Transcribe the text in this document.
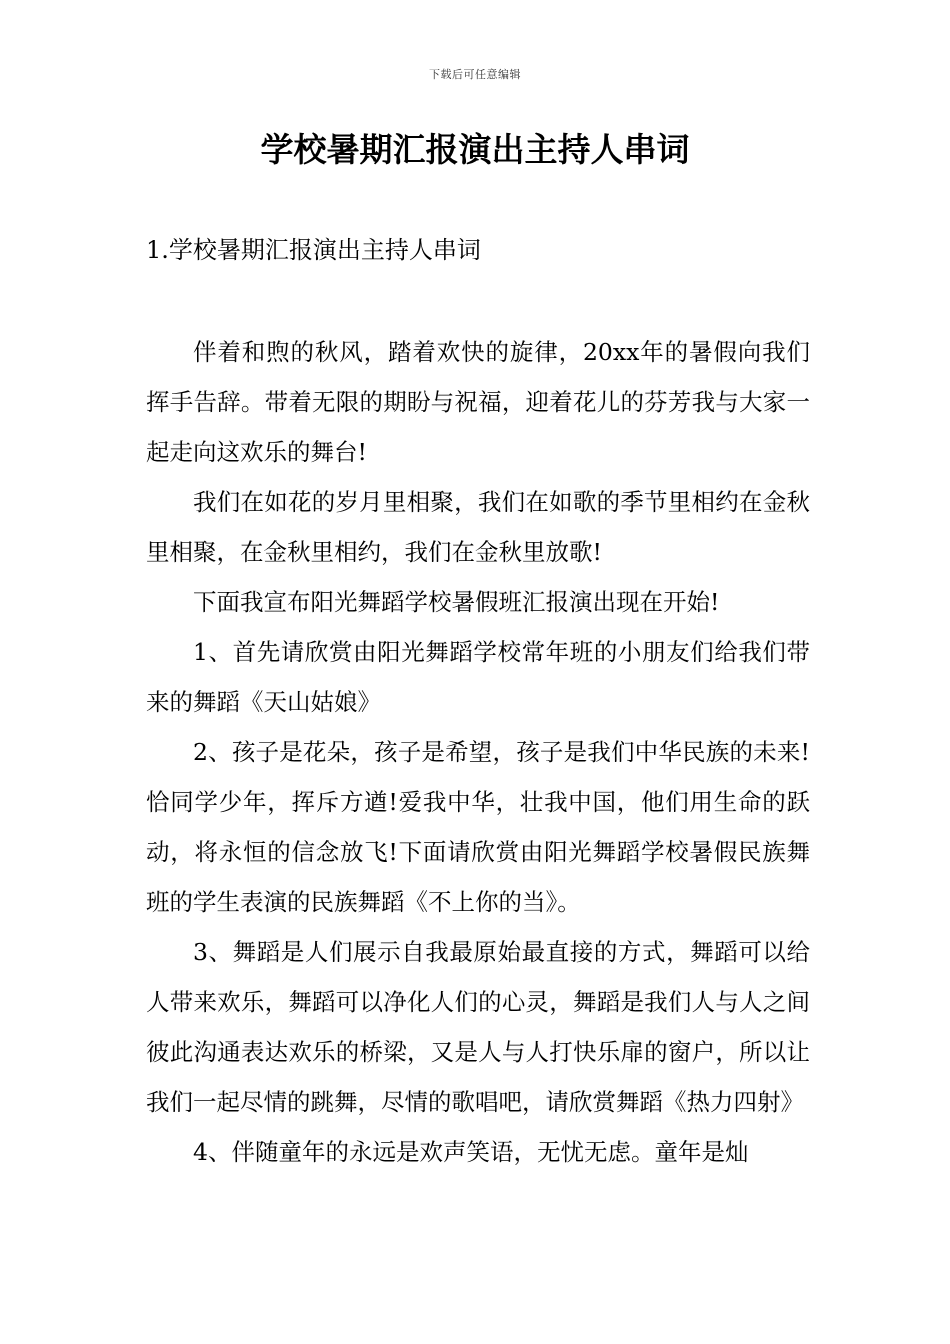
下载后可任意编辑
学校暑期汇报演出主持人串词
1.学校暑期汇报演出主持人串词

伴着和煦的秋风，踏着欢快的旋律，20xx年的暑假向我们挥手告辞。带着无限的期盼与祝福，迎着花儿的芬芳我与大家一起走向这欢乐的舞台!

我们在如花的岁月里相聚，我们在如歌的季节里相约在金秋里相聚，在金秋里相约，我们在金秋里放歌!

下面我宣布阳光舞蹈学校暑假班汇报演出现在开始!

1、首先请欣赏由阳光舞蹈学校常年班的小朋友们给我们带来的舞蹈《天山姑娘》

2、孩子是花朵，孩子是希望，孩子是我们中华民族的未来!恰同学少年，挥斥方遒!爱我中华，壮我中国，他们用生命的跃动，将永恒的信念放飞!下面请欣赏由阳光舞蹈学校暑假民族舞班的学生表演的民族舞蹈《不上你的当》。

3、舞蹈是人们展示自我最原始最直接的方式，舞蹈可以给人带来欢乐，舞蹈可以净化人们的心灵，舞蹈是我们人与人之间彼此沟通表达欢乐的桥梁，又是人与人打快乐扉的窗户，所以让我们一起尽情的跳舞，尽情的歌唱吧，请欣赏舞蹈《热力四射》

4、伴随童年的永远是欢声笑语，无忧无虑。童年是灿
